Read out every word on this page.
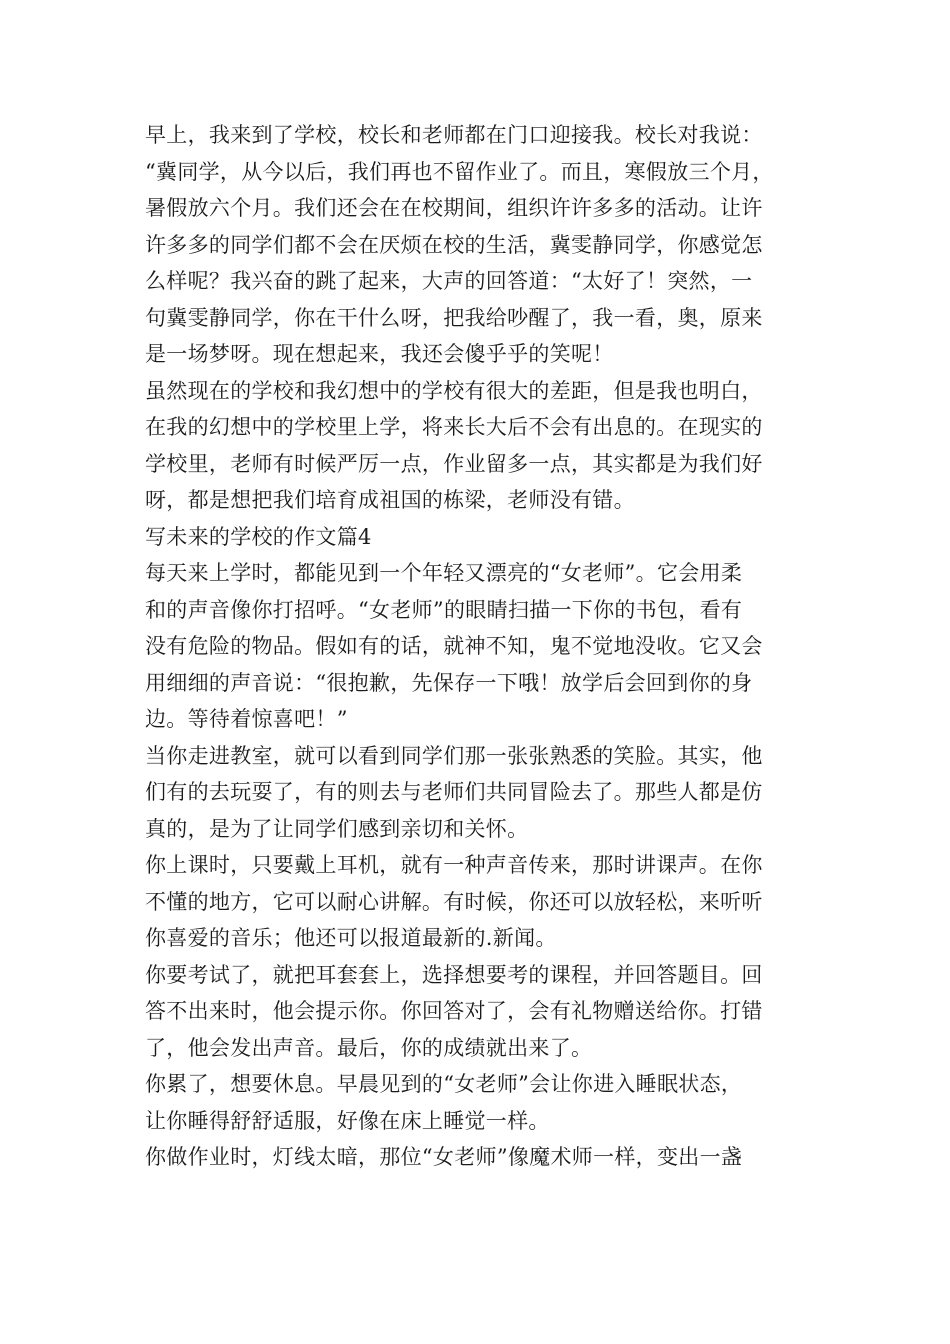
早上，我来到了学校，校长和老师都在门口迎接我。校长对我说：
“冀同学，从今以后，我们再也不留作业了。而且，寒假放三个月，
暑假放六个月。我们还会在在校期间，组织许许多多的活动。让许
许多多的同学们都不会在厌烦在校的生活，冀雯静同学，你感觉怎
么样呢？我兴奋的跳了起来，大声的回答道：“太好了！突然，一
句冀雯静同学，你在干什么呀，把我给吵醒了，我一看，奥，原来
是一场梦呀。现在想起来，我还会傻乎乎的笑呢！
虽然现在的学校和我幻想中的学校有很大的差距，但是我也明白，
在我的幻想中的学校里上学，将来长大后不会有出息的。在现实的
学校里，老师有时候严厉一点，作业留多一点，其实都是为我们好
呀，都是想把我们培育成祖国的栋梁，老师没有错。
写未来的学校的作文篇4
每天来上学时，都能见到一个年轻又漂亮的“女老师”。它会用柔
和的声音像你打招呼。“女老师”的眼睛扫描一下你的书包，看有
没有危险的物品。假如有的话，就神不知，鬼不觉地没收。它又会
用细细的声音说：“很抱歉，先保存一下哦！放学后会回到你的身
边。等待着惊喜吧！”
当你走进教室，就可以看到同学们那一张张熟悉的笑脸。其实，他
们有的去玩耍了，有的则去与老师们共同冒险去了。那些人都是仿
真的，是为了让同学们感到亲切和关怀。
你上课时，只要戴上耳机，就有一种声音传来，那时讲课声。在你
不懂的地方，它可以耐心讲解。有时候，你还可以放轻松，来听听
你喜爱的音乐；他还可以报道最新的.新闻。
你要考试了，就把耳套套上，选择想要考的课程，并回答题目。回
答不出来时，他会提示你。你回答对了，会有礼物赠送给你。打错
了，他会发出声音。最后，你的成绩就出来了。
你累了，想要休息。早晨见到的“女老师”会让你进入睡眠状态，
让你睡得舒舒适服，好像在床上睡觉一样。
你做作业时，灯线太暗，那位“女老师”像魔术师一样，变出一盏
